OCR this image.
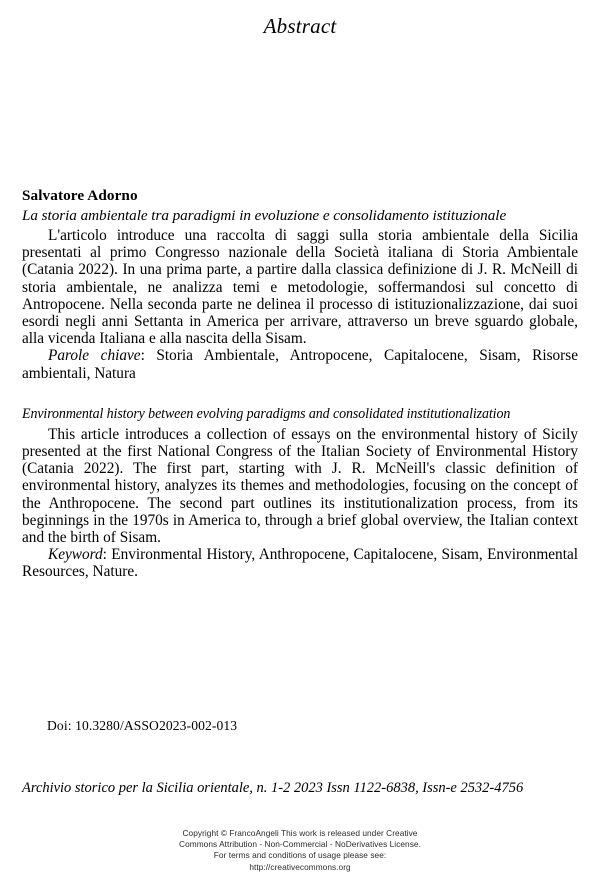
Abstract
Salvatore Adorno
La storia ambientale tra paradigmi in evoluzione e consolidamento istituzionale

L'articolo introduce una raccolta di saggi sulla storia ambientale della Sicilia presentati al primo Congresso nazionale della Società italiana di Storia Ambientale (Catania 2022). In una prima parte, a partire dalla classica definizione di J. R. McNeill di storia ambientale, ne analizza temi e metodologie, soffermandosi sul concetto di Antropocene. Nella seconda parte ne delinea il processo di istituzionalizzazione, dai suoi esordi negli anni Settanta in America per arrivare, attraverso un breve sguardo globale, alla vicenda Italiana e alla nascita della Sisam.

Parole chiave: Storia Ambientale, Antropocene, Capitalocene, Sisam, Risorse ambientali, Natura

Environmental history between evolving paradigms and consolidated institutionalization

This article introduces a collection of essays on the environmental history of Sicily presented at the first National Congress of the Italian Society of Environmental History (Catania 2022). The first part, starting with J. R. McNeill's classic definition of environmental history, analyzes its themes and methodologies, focusing on the concept of the Anthropocene. The second part outlines its institutionalization process, from its beginnings in the 1970s in America to, through a brief global overview, the Italian context and the birth of Sisam.

Keyword: Environmental History, Anthropocene, Capitalocene, Sisam, Environmental Resources, Nature.

Doi: 10.3280/ASSO2023-002-013
Archivio storico per la Sicilia orientale, n. 1-2 2023 Issn 1122-6838, Issn-e 2532-4756
Copyright © FrancoAngeli This work is released under Creative
Commons Attribution - Non-Commercial - NoDerivatives License.
For terms and conditions of usage please see:
http://creativecommons.org
